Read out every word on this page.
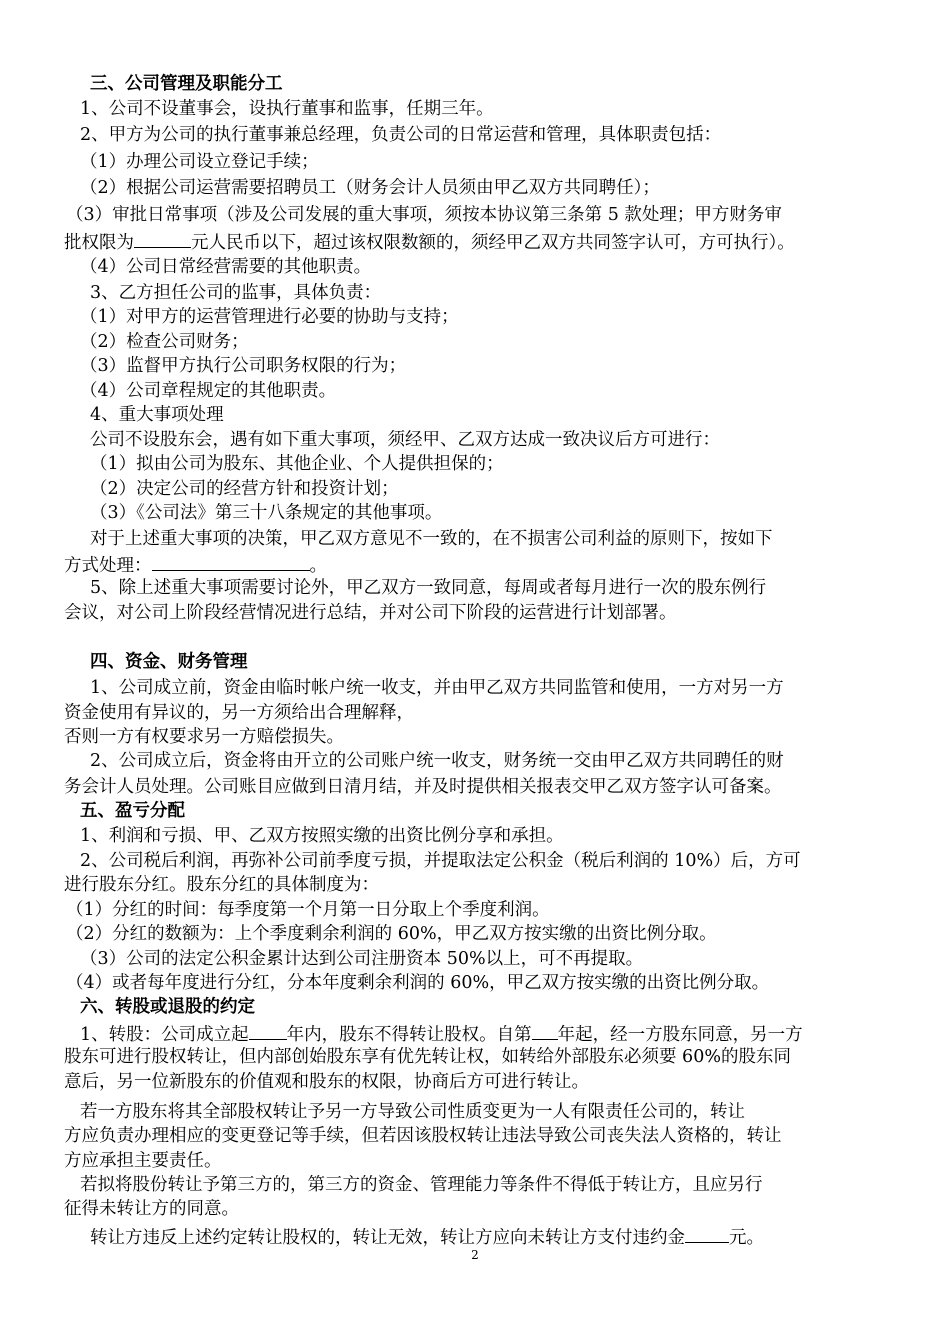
三、公司管理及职能分工
1、公司不设董事会，设执行董事和监事，任期三年。
2、甲方为公司的执行董事兼总经理，负责公司的日常运营和管理，具体职责包括：
（1）办理公司设立登记手续；
（2）根据公司运营需要招聘员工（财务会计人员须由甲乙双方共同聘任）；
（3）审批日常事项（涉及公司发展的重大事项，须按本协议第三条第 5 款处理；甲方财务审
批权限为	元人民币以下，超过该权限数额的，须经甲乙双方共同签字认可，方可执行）。
（4）公司日常经营需要的其他职责。
3、乙方担任公司的监事，具体负责：
（1）对甲方的运营管理进行必要的协助与支持；
（2）检查公司财务；
（3）监督甲方执行公司职务权限的行为；
（4）公司章程规定的其他职责。
4、重大事项处理
公司不设股东会，遇有如下重大事项，须经甲、乙双方达成一致决议后方可进行：
（1）拟由公司为股东、其他企业、个人提供担保的；
（2）决定公司的经营方针和投资计划；
（3）《公司法》第三十八条规定的其他事项。
对于上述重大事项的决策，甲乙双方意见不一致的，在不损害公司利益的原则下，按如下
方式处理：	。
5、除上述重大事项需要讨论外，甲乙双方一致同意，每周或者每月进行一次的股东例行
会议，对公司上阶段经营情况进行总结，并对公司下阶段的运营进行计划部署。
四、资金、财务管理
1、公司成立前，资金由临时帐户统一收支，并由甲乙双方共同监管和使用，一方对另一方
资金使用有异议的，另一方须给出合理解释，
否则一方有权要求另一方赔偿损失。
2、公司成立后，资金将由开立的公司账户统一收支，财务统一交由甲乙双方共同聘任的财
务会计人员处理。公司账目应做到日清月结，并及时提供相关报表交甲乙双方签字认可备案。
五、盈亏分配
1、利润和亏损、甲、乙双方按照实缴的出资比例分享和承担。
2、公司税后利润，再弥补公司前季度亏损，并提取法定公积金（税后利润的 10%）后，方可
进行股东分红。股东分红的具体制度为：
（1）分红的时间：每季度第一个月第一日分取上个季度利润。
（2）分红的数额为：上个季度剩余利润的 60%，甲乙双方按实缴的出资比例分取。
（3）公司的法定公积金累计达到公司注册资本 50%以上，可不再提取。
（4）或者每年度进行分红，分本年度剩余利润的 60%，甲乙双方按实缴的出资比例分取。
六、转股或退股的约定
1、转股：公司成立起 年内，股东不得转让股权。自第 年起，经一方股东同意，另一方
股东可进行股权转让，但内部创始股东享有优先转让权，如转给外部股东必须要 60%的股东同
意后，另一位新股东的价值观和股东的权限，协商后方可进行转让。
若一方股东将其全部股权转让予另一方导致公司性质变更为一人有限责任公司的，转让
方应负责办理相应的变更登记等手续，但若因该股权转让违法导致公司丧失法人资格的，转让
方应承担主要责任。
若拟将股份转让予第三方的，第三方的资金、管理能力等条件不得低于转让方，且应另行
征得未转让方的同意。
转让方违反上述约定转让股权的，转让无效，转让方应向未转让方支付违约金	元。
2
